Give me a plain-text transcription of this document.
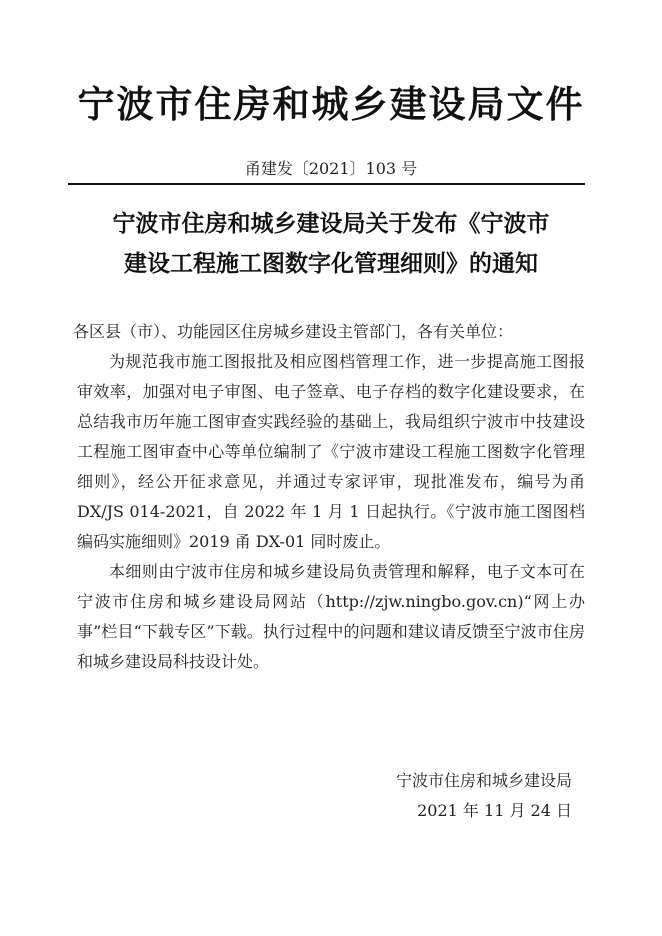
宁波市住房和城乡建设局文件
甬建发〔2021〕103 号
宁波市住房和城乡建设局关于发布《宁波市
建设工程施工图数字化管理细则》的通知

各区县（市）、功能园区住房城乡建设主管部门，各有关单位：

为规范我市施工图报批及相应图档管理工作，进一步提高施工图报审效率，加强对电子审图、电子签章、电子存档的数字化建设要求，在总结我市历年施工图审查实践经验的基础上，我局组织宁波市中技建设工程施工图审查中心等单位编制了《宁波市建设工程施工图数字化管理细则》，经公开征求意见，并通过专家评审，现批准发布，编号为甬 DX/JS 014-2021，自 2022 年 1 月 1 日起执行。《宁波市施工图图档编码实施细则》2019 甬 DX-01 同时废止。

本细则由宁波市住房和城乡建设局负责管理和解释，电子文本可在宁波市住房和城乡建设局网站（http://zjw.ningbo.gov.cn)“网上办事”栏目“下载专区”下载。执行过程中的问题和建议请反馈至宁波市住房和城乡建设局科技设计处。

宁波市住房和城乡建设局
2021 年 11 月 24 日
